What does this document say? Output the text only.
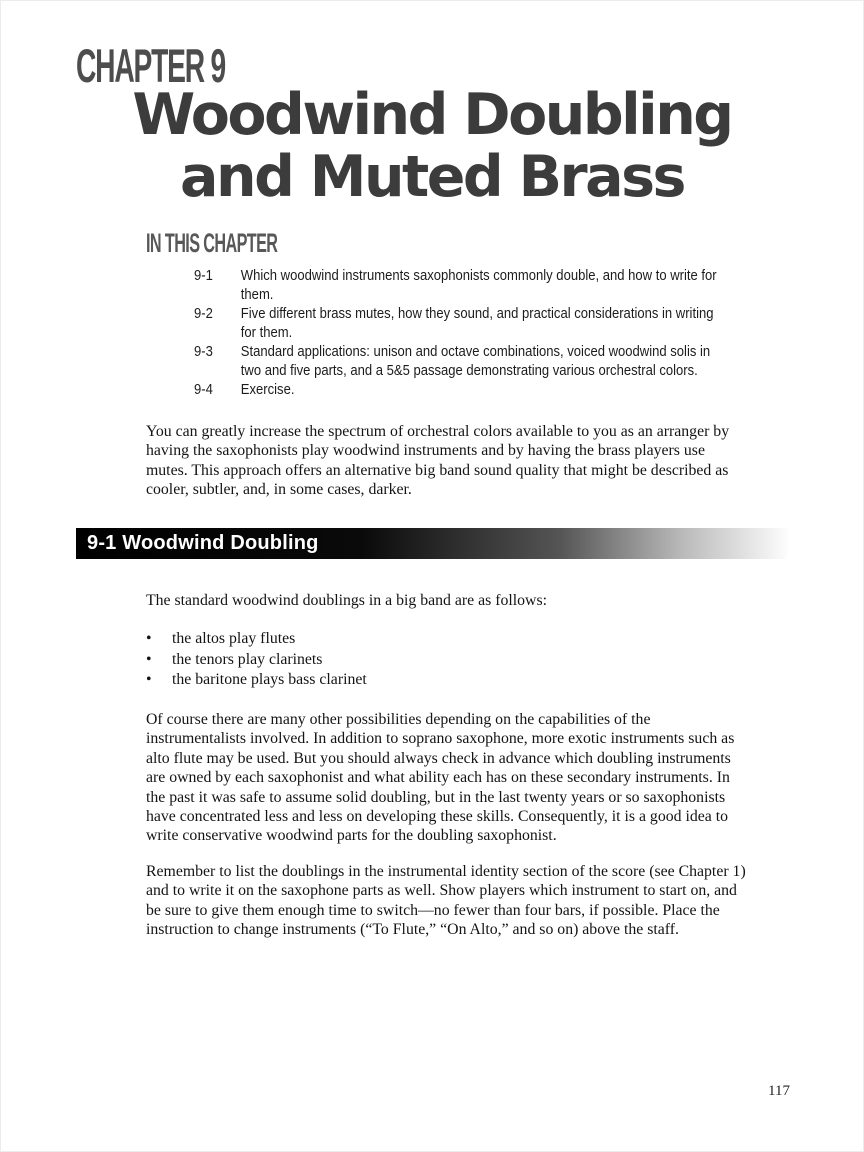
CHAPTER 9
Woodwind Doubling
and Muted Brass
IN THIS CHAPTER
9-1	Which woodwind instruments saxophonists commonly double, and how to write for them.
9-2	Five different brass mutes, how they sound, and practical considerations in writing for them.
9-3	Standard applications: unison and octave combinations, voiced woodwind solis in two and five parts, and a 5&5 passage demonstrating various orchestral colors.
9-4	Exercise.
You can greatly increase the spectrum of orchestral colors available to you as an arranger by having the saxophonists play woodwind instruments and by having the brass players use mutes. This approach offers an alternative big band sound quality that might be described as cooler, subtler, and, in some cases, darker.
9-1 Woodwind Doubling
The standard woodwind doublings in a big band are as follows:
•	the altos play flutes
•	the tenors play clarinets
•	the baritone plays bass clarinet
Of course there are many other possibilities depending on the capabilities of the instrumentalists involved. In addition to soprano saxophone, more exotic instruments such as alto flute may be used. But you should always check in advance which doubling instruments are owned by each saxophonist and what ability each has on these secondary instruments. In the past it was safe to assume solid doubling, but in the last twenty years or so saxophonists have concentrated less and less on developing these skills. Consequently, it is a good idea to write conservative woodwind parts for the doubling saxophonist.
Remember to list the doublings in the instrumental identity section of the score (see Chapter 1) and to write it on the saxophone parts as well. Show players which instrument to start on, and be sure to give them enough time to switch—no fewer than four bars, if possible. Place the instruction to change instruments (“To Flute,” “On Alto,” and so on) above the staff.
117
